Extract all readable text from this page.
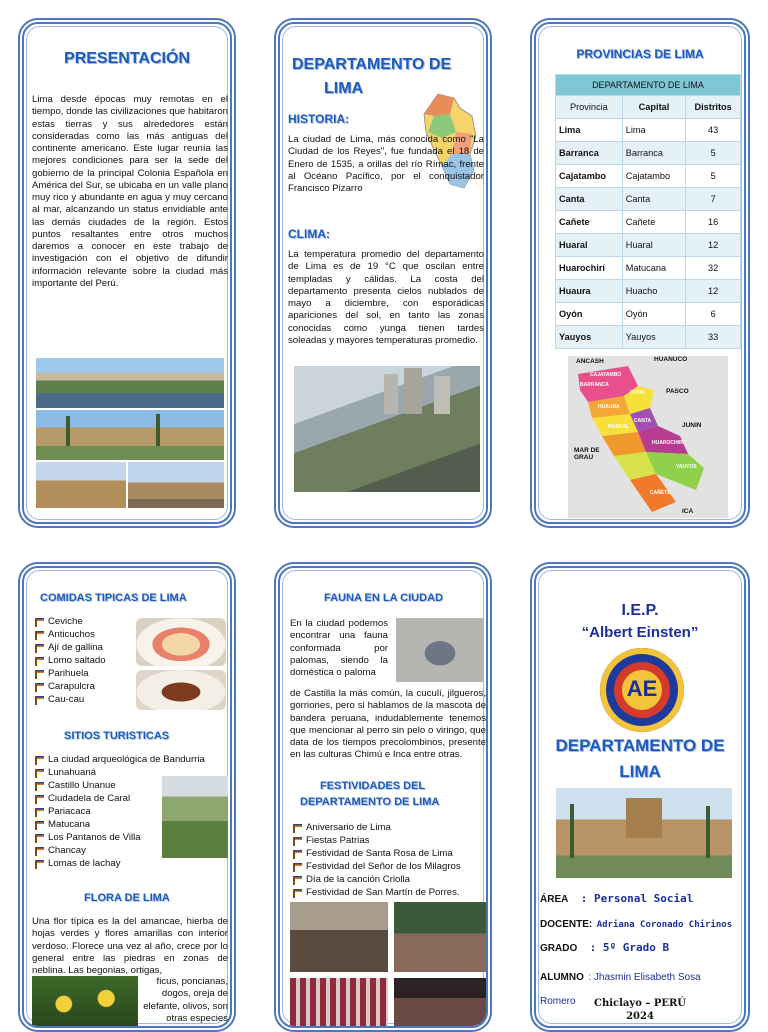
PRESENTACIÓN

Lima desde épocas muy remotas en el tiempo, donde las civilizaciones que habitaron estas tierras y sus alrededores están consideradas como las más antiguas del continente americano. Este lugar reunía las mejores condiciones para ser la sede del gobierno de la principal Colonia Española en América del Sur, se ubicaba en un valle plano muy rico y abundante en agua y muy cercano al mar, alcanzando un status envidiable ante las demás ciudades de la región. Estos puntos resaltantes entre otros muchos daremos a conocer en este trabajo de investigación con el objetivo de difundir información relevante sobre la ciudad más importante del Perú.

DEPARTAMENTO DE
LIMA
HISTORIA:

La ciudad de Lima, más conocida como "La Ciudad de los Reyes", fue fundada el 18 de Enero de 1535, a orillas del río Rímac, frente al Océano Pacífico, por el conquistador Francisco Pizarro

CLIMA:

La temperatura promedio del departamento de Lima es de 19 °C que oscilan entre templadas y cálidas. La costa del departamento presenta cielos nublados de mayo a diciembre, con esporádicas apariciones del sol, en tanto las zonas conocidas como yunga tienen tardes soleadas y mayores temperaturas promedio.

PROVINCIAS DE LIMA
DEPARTAMENTO DE LIMA		
Provincia	Capital	Distritos
Lima	Lima	43
Barranca	Barranca	5
Cajatambo	Cajatambo	5
Canta	Canta	7
Cañete	Cañete	16
Huaral	Huaral	12
Huarochirí	Matucana	32
Huaura	Huacho	12
Oyón	Oyón	6
Yauyos	Yauyos	33
ANCASH	HUANUCO
PASCO
JUNIN
MAR DE GRAU
ICA
CAJATAMBO
BARRANCA
OYON
HUAURA
HUARAL
CANTA
HUAROCHIRI
YAUYOS
CAÑETE
COMIDAS TIPICAS DE LIMA
Ceviche
Anticuchos
Ají de gallina
Lomo saltado
Parihuela
Carapulcra
Cau-cau
SITIOS TURISTICAS
La ciudad arqueológica de Bandurria
Lunahuaná
Castillo Unanue
Ciudadela de Caral
Pariacaca
Matucana
Los Pantanos de Villa
Chancay
Lomas de lachay
FLORA DE LIMA

Una flor típica es la del amancae, hierba de hojas verdes y flores amarillas con interior verdoso. Florece una vez al año, crece por lo general entre las piedras en zonas de neblina. Las begonias, ortigas,

ficus, poncianas, dogos, oreja de elefante, olivos, son otras especies propias

FAUNA EN LA CIUDAD

En la ciudad podemos encontrar una fauna conformada por palomas, siendo la doméstica o paloma

de Castilla la más común, la cuculí, jilgueros, gorriones, pero si hablamos de la mascota de bandera peruana, indudablemente tenemos que mencionar al perro sin pelo o viringo, que data de los tiempos precolombinos, presente en las culturas Chimú e Inca entre otras.

FESTIVIDADES DEL
DEPARTAMENTO DE LIMA
Aniversario de Lima
Fiestas Patrias
Festividad de Santa Rosa de Lima
Festividad del Señor de los Milagros
Día de la canción Criolla
Festividad de San Martín de Porres.
I.E.P.
“Albert Einsten”
AE
DEPARTAMENTO DE
LIMA
ÁREA : Personal Social
DOCENTE: Adriana Coronado Chirinos
GRADO : 5º Grado B
ALUMNO : Jhasmin Elisabeth Sosa
Romero	Chiclayo – PERÚ
2024
